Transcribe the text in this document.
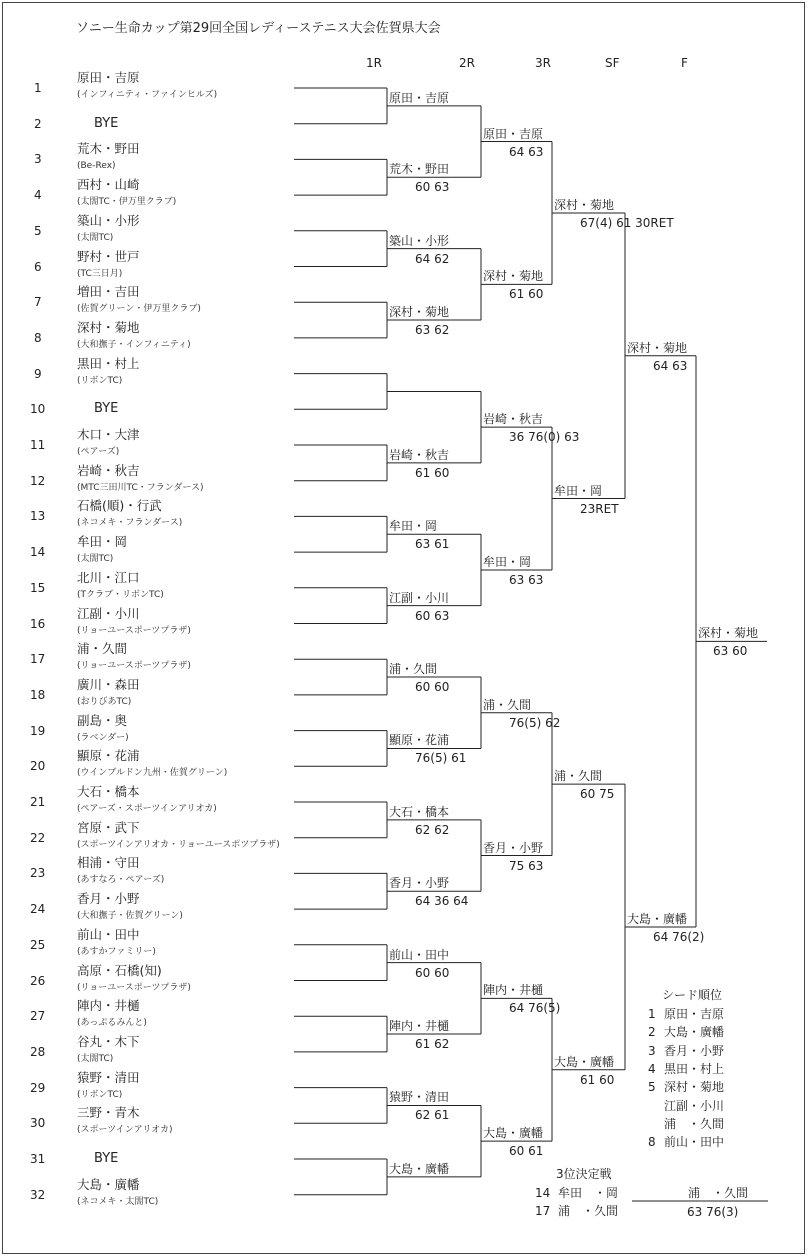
ソニー生命カップ第29回全国レディーステニス大会佐賀県大会
1R	2R	3R	SF	F
1
原田・吉原
(インフィニティ・ファインヒルズ)
2	BYE
3
荒木・野田
(Be-Rex)
4
西村・山崎
(太閤TC・伊万里クラブ)
5
築山・小形
(太閤TC)
6
野村・世戸
(TC三日月)
7
増田・吉田
(佐賀グリーン・伊万里クラブ)
8
深村・菊地
(大和撫子・インフィニティ)
9
黒田・村上
(リボンTC)
10	BYE
11
木口・大津
(ペアーズ)
12
岩崎・秋吉
(MTC三田川TC・フランダース)
13
石橋(順)・行武
(ネコメキ・フランダース)
14
牟田・岡
(太閤TC)
15
北川・江口
(Tクラブ・リボンTC)
16
江副・小川
(リョーユースポーツプラザ)
17
浦・久間
(リョーユースポーツプラザ)
18
廣川・森田
(おりびあTC)
19
副島・奥
(ラベンダー)
20
顯原・花浦
(ウインブルドン九州・佐賀グリーン)
21
大石・橋本
(ペアーズ・スポーツインアリオカ)
22
宮原・武下
(スポーツインアリオカ・リョーユースポツプラザ)
23
相浦・守田
(あすなろ・ペアーズ)
24
香月・小野
(大和撫子・佐賀グリーン)
25
前山・田中
(あすかファミリー)
26
高原・石橋(知)
(リョーユースポーツプラザ)
27
陣内・井樋
(あっぷるみんと)
28
谷丸・木下
(太閤TC)
29
猿野・清田
(リボンTC)
30
三野・青木
(スポーツインアリオカ)
31	BYE
32
大島・廣幡
(ネコメキ・太閤TC)
原田・吉原
荒木・野田
60 63
築山・小形
64 62
深村・菊地
63 62
岩崎・秋吉
61 60
牟田・岡
63 61
江副・小川
60 63
浦・久間
60 60
顯原・花浦
76(5) 61
大石・橋本
62 62
香月・小野
64 36 64
前山・田中
60 60
陣内・井樋
61 62
猿野・清田
62 61
大島・廣幡
原田・吉原
64 63
深村・菊地
61 60
岩崎・秋吉
36 76(0) 63
牟田・岡
63 63
浦・久間
76(5) 62
香月・小野
75 63
陣内・井樋
64 76(5)
大島・廣幡
60 61
深村・菊地
67(4) 61 30RET
牟田・岡
23RET
浦・久間
60 75
大島・廣幡
61 60
深村・菊地
64 63
大島・廣幡
64 76(2)
深村・菊地
63 60
シード順位
1 原田・吉原
2 大島・廣幡
3 香月・小野
4 黒田・村上
5 深村・菊地
江副・小川
浦　・久間
8 前山・田中
3位決定戦
14 牟田　・岡
17 浦　・久間
浦　・久間
63 76(3)
